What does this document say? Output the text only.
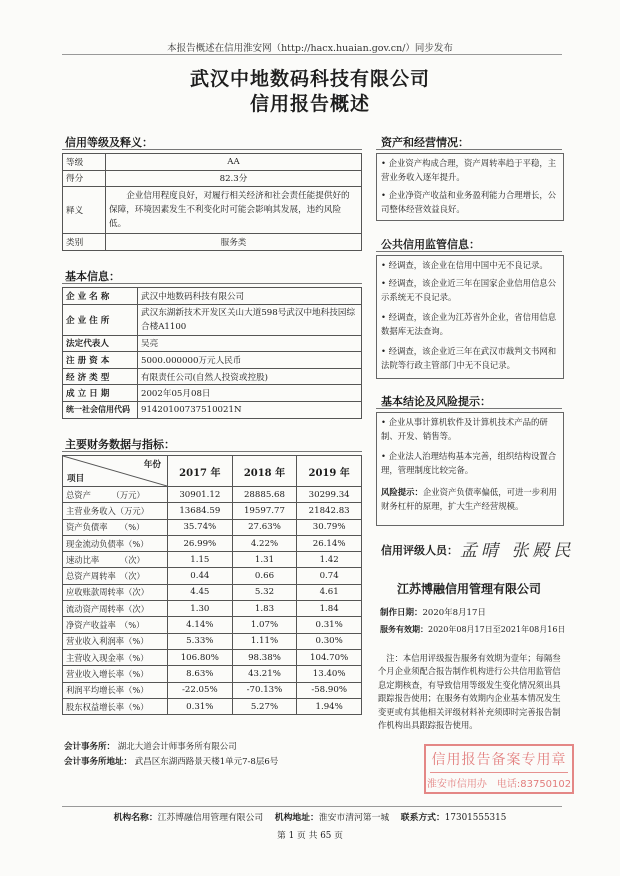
本报告概述在信用淮安网（http://hacx.huaian.gov.cn/）同步发布
武汉中地数码科技有限公司
信用报告概述
信用等级及释义：
等级	AA
得分	82.3分
释义	企业信用程度良好，对履行相关经济和社会责任能提供好的保障，环境因素发生不利变化时可能会影响其发展，违约风险低。
类别	服务类
基本信息：
企 业 名 称	武汉中地数码科技有限公司
企 业 住 所	武汉东湖新技术开发区关山大道598号武汉中地科技园综合楼A1100
法定代表人	吴亮
注 册 资 本	5000.000000万元人民币
经 济 类 型	有限责任公司(自然人投资或控股)
成 立 日 期	2002年05月08日
统一社会信用代码	91420100737510021N
主要财务数据与指标：
年份
项目	2017 年	2018 年	2019 年
总资产　　　（万元）	30901.12	28885.68	30299.34
主营业务收入（万元）	13684.59	19597.77	21842.83
资产负债率　　（%）	35.74%	27.63%	30.79%
现金流动负债率（%）	26.99%	4.22%	26.14%
速动比率　　　（次）	1.15	1.31	1.42
总资产周转率　（次）	0.44	0.66	0.74
应收账款周转率（次）	4.45	5.32	4.61
流动资产周转率（次）	1.30	1.83	1.84
净资产收益率　（%）	4.14%	1.07%	0.31%
营业收入利润率（%）	5.33%	1.11%	0.30%
主营收入现金率（%）	106.80%	98.38%	104.70%
营业收入增长率（%）	8.63%	43.21%	13.40%
利润平均增长率（%）	-22.05%	-70.13%	-58.90%
股东权益增长率（%）	0.31%	5.27%	1.94%
会计事务所： 湖北大道会计师事务所有限公司
会计事务所地址： 武昌区东湖西路景天楼1单元7-8层6号
资产和经营情况：
• 企业资产构成合理，资产周转率趋于平稳，主营业务收入逐年提升。
• 企业净资产收益和业务盈利能力合理增长，公司整体经营效益良好。
公共信用监管信息：
• 经调查，该企业在信用中国中无不良记录。
• 经调查，该企业近三年在国家企业信用信息公示系统无不良记录。
• 经调查，该企业为江苏省外企业，省信用信息数据库无法查询。
• 经调查，该企业近三年在武汉市裁判文书网和法院等行政主管部门中无不良记录。
基本结论及风险提示：
• 企业从事计算机软件及计算机技术产品的研制、开发、销售等。
• 企业法人治理结构基本完善，组织结构设置合理，管理制度比较完备。
风险提示：企业资产负债率偏低，可进一步利用财务杠杆的原理，扩大生产经营规模。
信用评级人员： 孟晴 张殿民
江苏博融信用管理有限公司
制作日期：2020年8月17日
服务有效期：2020年08月17日至2021年08月16日
注：本信用评级报告服务有效期为壹年；每隔叁个月企业须配合报告制作机构进行公共信用监管信息定期核查，有导致信用等级发生变化情况须出具跟踪报告使用；在服务有效期内企业基本情况发生变更或有其他相关评级材料补充须即时完善报告制作机构出具跟踪报告使用。
信用报告备案专用章
淮安市信用办　电话:83750102
机构名称：江苏博融信用管理有限公司　 机构地址：淮安市清河第一城　 联系方式：17301555315
第 1 页 共 65 页
